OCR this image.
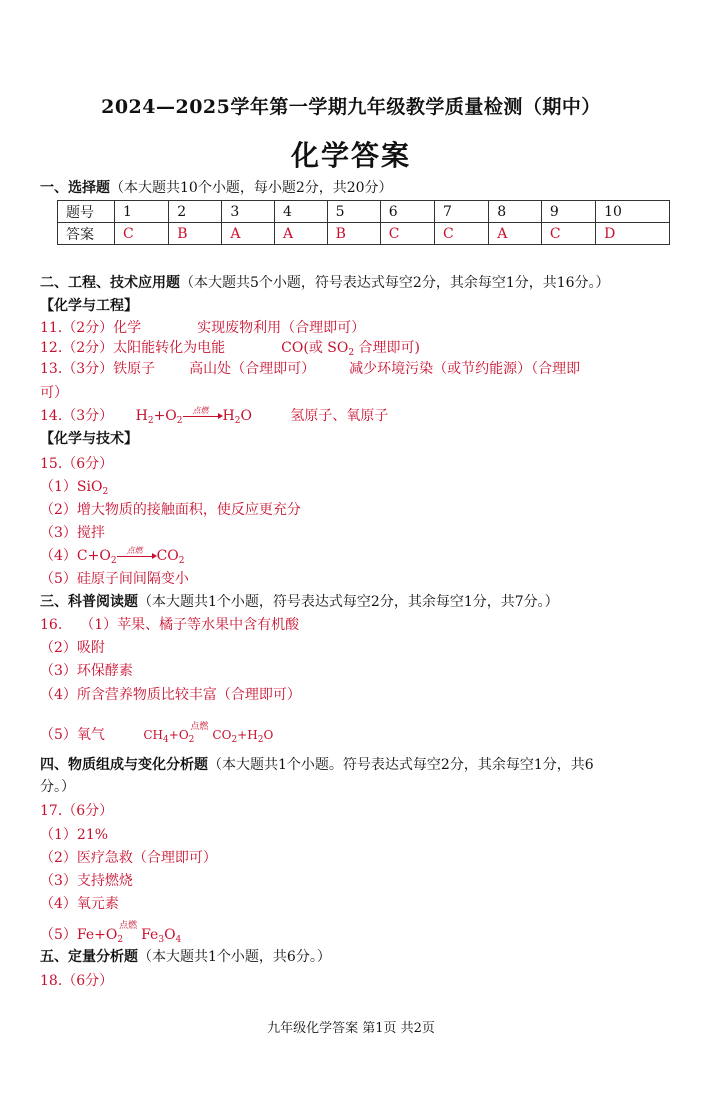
2024—2025学年第一学期九年级教学质量检测（期中）
化学答案
一、选择题（本大题共10个小题，每小题2分，共20分）
题号	1	2	3	4	5	6	7	8	9	10
答案	C	B	A	A	B	C	C	A	C	D
二、工程、技术应用题（本大题共5个小题，符号表达式每空2分，其余每空1分，共16分。）
【化学与工程】
11.（2分）化学	实现废物利用（合理即可）
12.（2分）太阳能转化为电能	CO(或 $SO_2$ 合理即可)
13.（3分）铁原子 高山处（合理即可） 减少环境污染（或节约能源）（合理即
可）
14.（3分） $H_2+O_2$
点燃	$H_2O$	氢原子、氧原子
【化学与技术】
15.（6分）
（1）SiO$_2$
（2）增大物质的接触面积，使反应更充分
（3）搅拌
$(4)C+O_2$
点燃	$CO_2$
（5）硅原子间间隔变小
三、科普阅读题（本大题共1个小题，符号表达式每空2分，其余每空1分，共7分。）
16. （1）苹果、橘子等水果中含有机酸
（2）吸附
（3）环保酵素
（4）所含营养物质比较丰富（合理即可）
（5）氧气	$CH_4+O_2$
点燃
$CO_2+H_2O$
四、物质组成与变化分析题（本大题共1个小题。符号表达式每空2分，其余每空1分，共6
分。）
17.（6分）
（1）21%
（2）医疗急救（合理即可）
（3）支持燃烧
（4）氧元素
$(5)Fe+O_2$
点燃
$Fe_3O_4$
五、定量分析题（本大题共1个小题，共6分。）
18.（6分）
九年级化学答案 第1页 共2页
